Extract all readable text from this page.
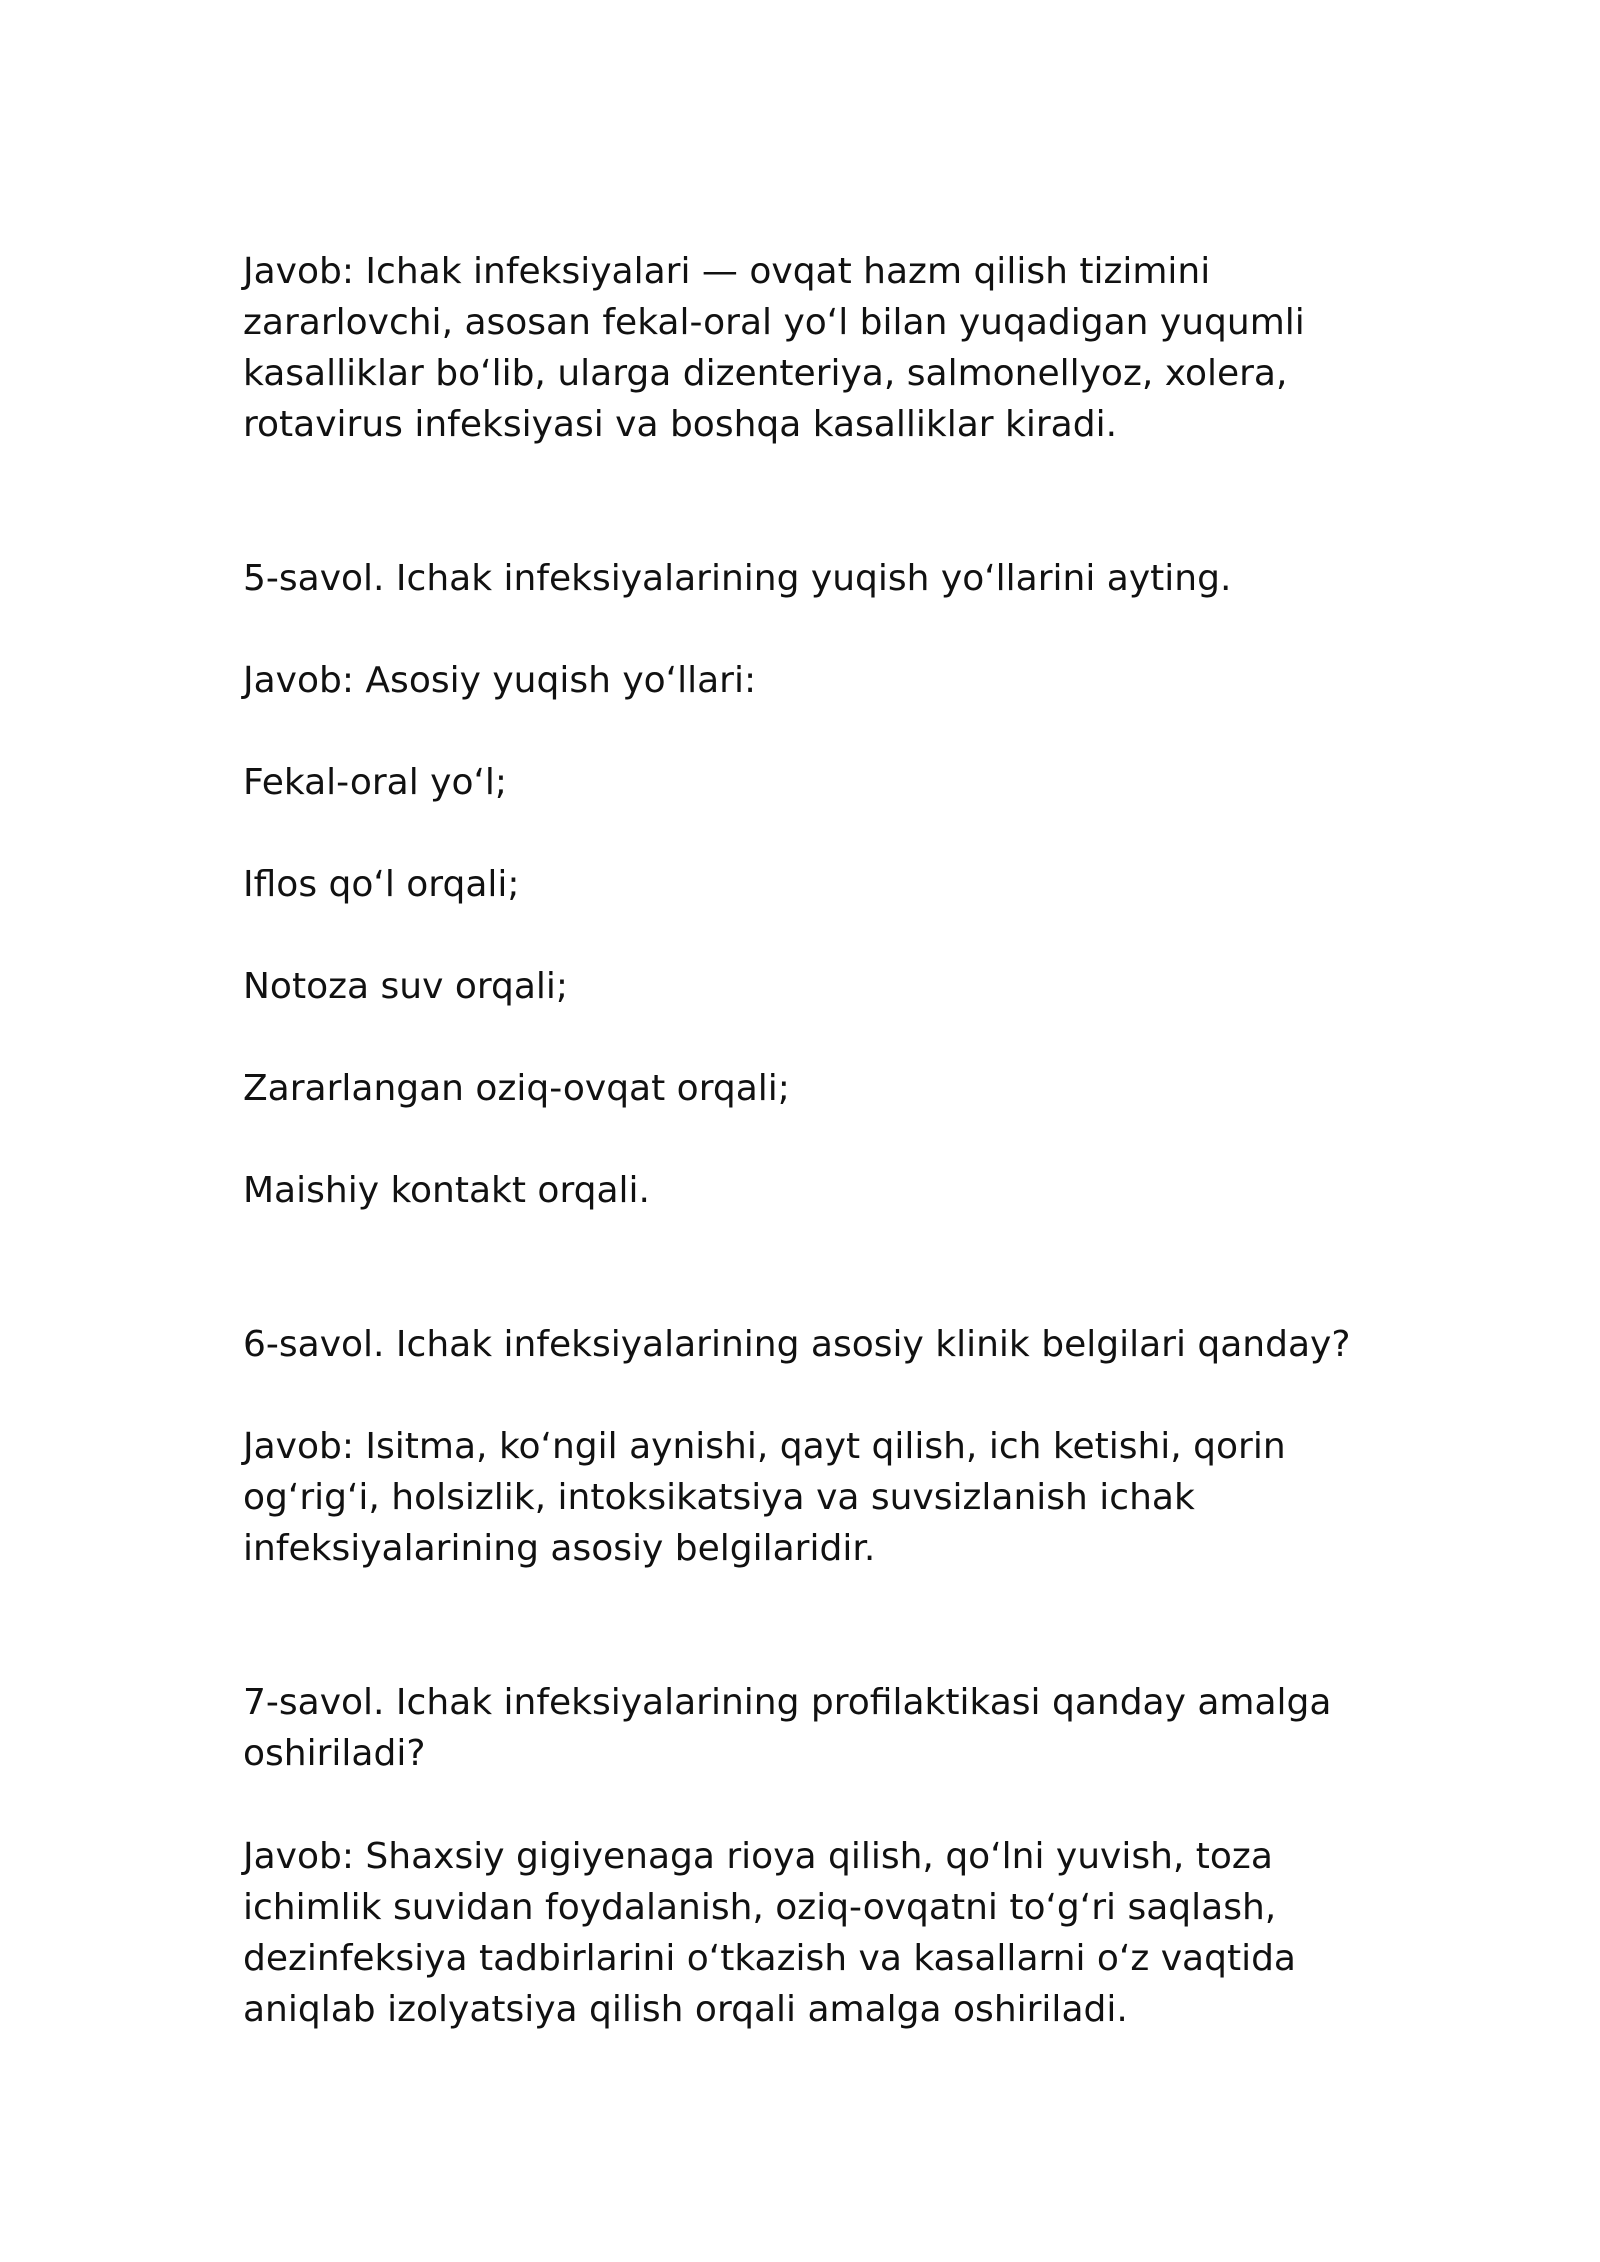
Javob: Ichak infeksiyalari — ovqat hazm qilish tizimini zararlovchi, asosan fekal-oral yo‘l bilan yuqadigan yuqumli kasalliklar bo‘lib, ularga dizenteriya, salmonellyoz, xolera, rotavirus infeksiyasi va boshqa kasalliklar kiradi.

5-savol. Ichak infeksiyalarining yuqish yo‘llarini ayting.

Javob: Asosiy yuqish yo‘llari:

Fekal-oral yo‘l;

Iflos qo‘l orqali;

Notoza suv orqali;

Zararlangan oziq-ovqat orqali;

Maishiy kontakt orqali.

6-savol. Ichak infeksiyalarining asosiy klinik belgilari qanday?

Javob: Isitma, ko‘ngil aynishi, qayt qilish, ich ketishi, qorin og‘rig‘i, holsizlik, intoksikatsiya va suvsizlanish ichak infeksiyalarining asosiy belgilaridir.

7-savol. Ichak infeksiyalarining profilaktikasi qanday amalga oshiriladi?

Javob: Shaxsiy gigiyenaga rioya qilish, qo‘lni yuvish, toza ichimlik suvidan foydalanish, oziq-ovqatni to‘g‘ri saqlash, dezinfeksiya tadbirlarini o‘tkazish va kasallarni o‘z vaqtida aniqlab izolyatsiya qilish orqali amalga oshiriladi.
